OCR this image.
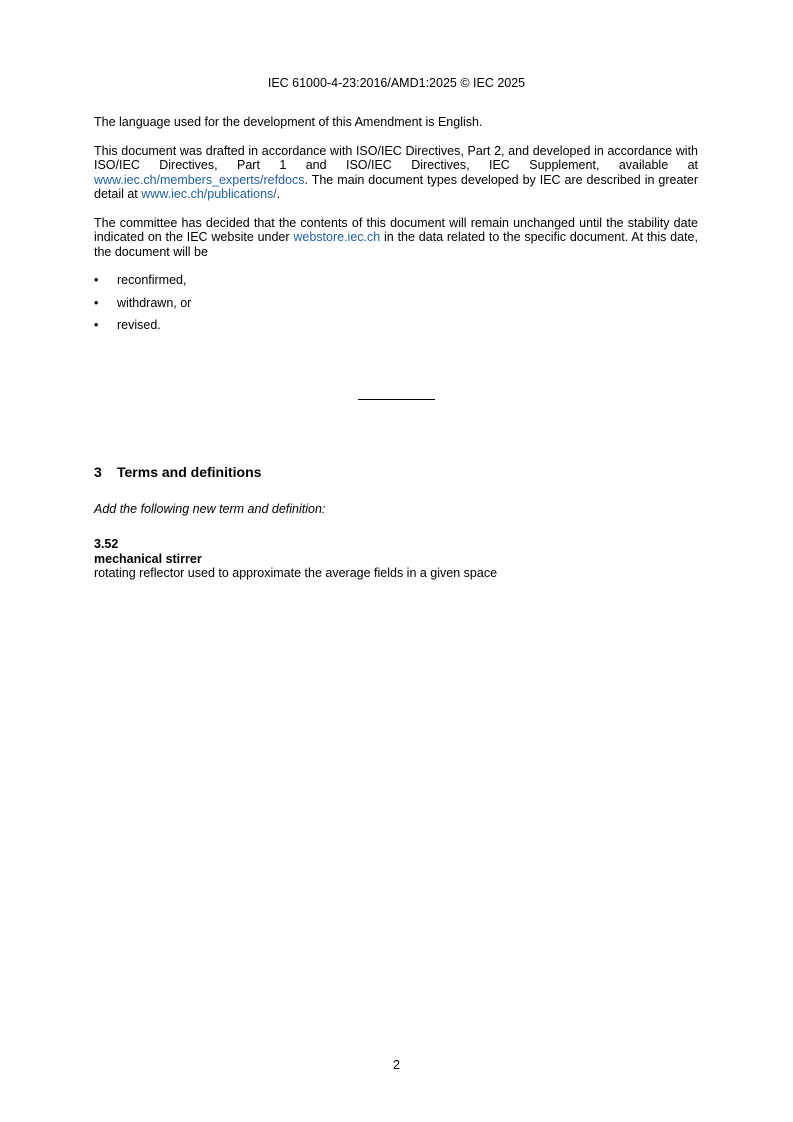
IEC 61000-4-23:2016/AMD1:2025 © IEC 2025

The language used for the development of this Amendment is English.

This document was drafted in accordance with ISO/IEC Directives, Part 2, and developed in accordance with ISO/IEC Directives, Part 1 and ISO/IEC Directives, IEC Supplement, available at www.iec.ch/members_experts/refdocs. The main document types developed by IEC are described in greater detail at www.iec.ch/publications/.

The committee has decided that the contents of this document will remain unchanged until the stability date indicated on the IEC website under webstore.iec.ch in the data related to the specific document. At this date, the document will be

• reconfirmed,
• withdrawn, or
• revised.
3 Terms and definitions
Add the following new term and definition:
3.52
mechanical stirrer
rotating reflector used to approximate the average fields in a given space
2
